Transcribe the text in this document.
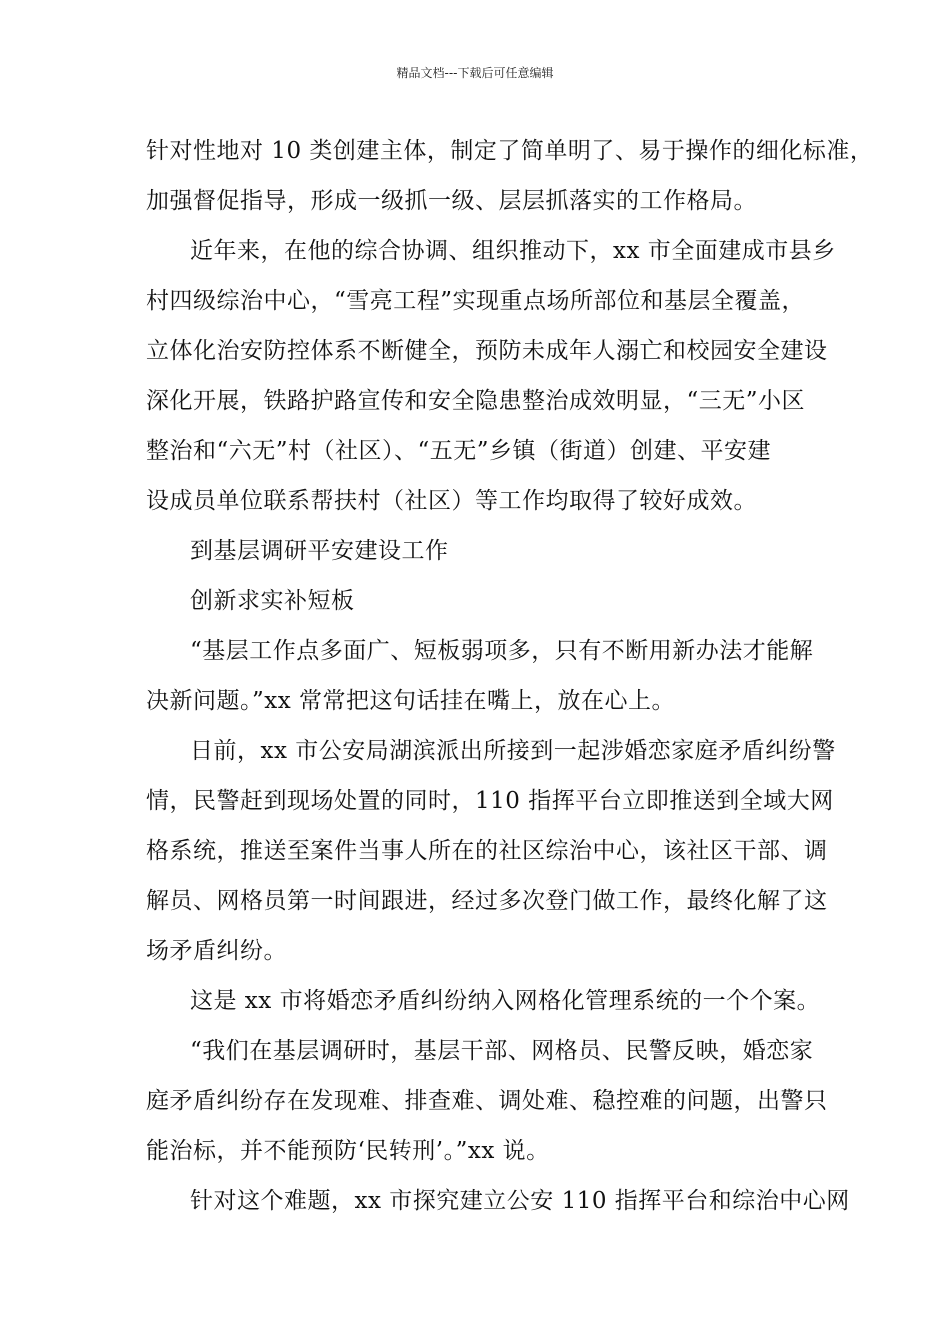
精品文档---下载后可任意编辑
针对性地对 10 类创建主体，制定了简单明了、易于操作的细化标准，
加强督促指导，形成一级抓一级、层层抓落实的工作格局。
近年来，在他的综合协调、组织推动下，xx 市全面建成市县乡
村四级综治中心，“雪亮工程”实现重点场所部位和基层全覆盖，
立体化治安防控体系不断健全，预防未成年人溺亡和校园安全建设
深化开展，铁路护路宣传和安全隐患整治成效明显，“三无”小区
整治和“六无”村（社区）、“五无”乡镇（街道）创建、平安建
设成员单位联系帮扶村（社区）等工作均取得了较好成效。
到基层调研平安建设工作
创新求实补短板
“基层工作点多面广、短板弱项多，只有不断用新办法才能解
决新问题。”xx 常常把这句话挂在嘴上，放在心上。
日前，xx 市公安局湖滨派出所接到一起涉婚恋家庭矛盾纠纷警
情，民警赶到现场处置的同时，110 指挥平台立即推送到全域大网
格系统，推送至案件当事人所在的社区综治中心，该社区干部、调
解员、网格员第一时间跟进，经过多次登门做工作，最终化解了这
场矛盾纠纷。
这是 xx 市将婚恋矛盾纠纷纳入网格化管理系统的一个个案。
“我们在基层调研时，基层干部、网格员、民警反映，婚恋家
庭矛盾纠纷存在发现难、排查难、调处难、稳控难的问题，出警只
能治标，并不能预防‘民转刑’。”xx 说。
针对这个难题，xx 市探究建立公安 110 指挥平台和综治中心网
